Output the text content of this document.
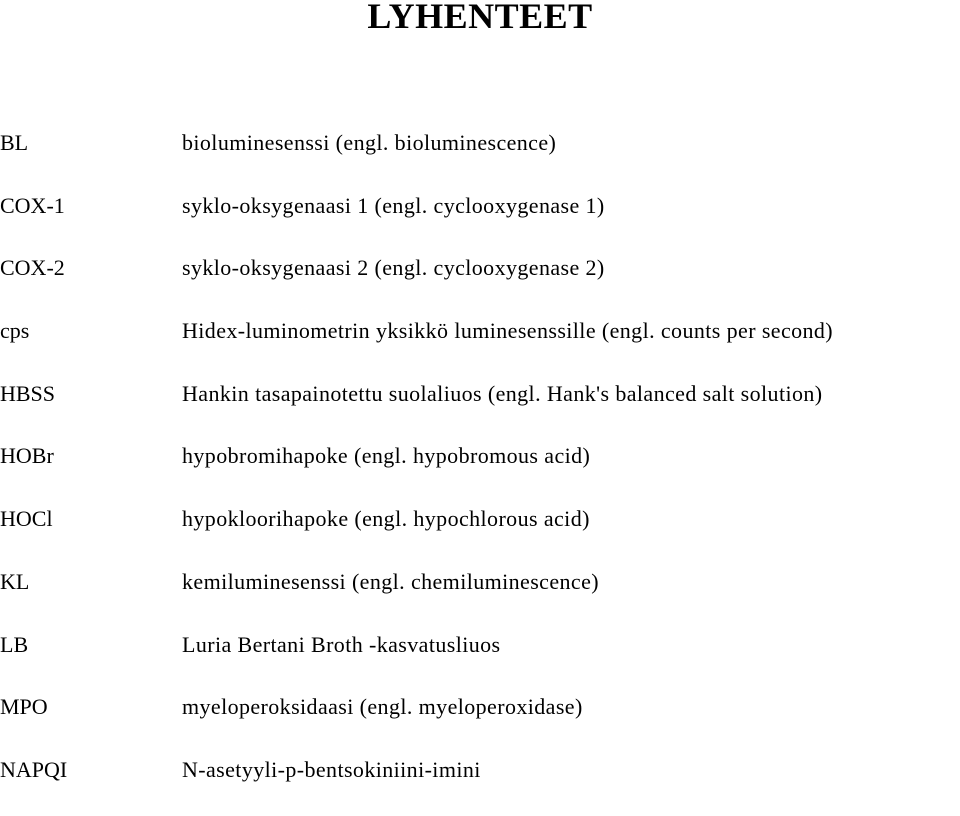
LYHENTEET
BL	bioluminesenssi (engl. bioluminescence)
COX-1	syklo-oksygenaasi 1 (engl. cyclooxygenase 1)
COX-2	syklo-oksygenaasi 2 (engl. cyclooxygenase 2)
cps	Hidex-luminometrin yksikkö luminesenssille (engl. counts per second)
HBSS	Hankin tasapainotettu suolaliuos (engl. Hank's balanced salt solution)
HOBr	hypobromihapoke (engl. hypobromous acid)
HOCl	hypokloorihapoke (engl. hypochlorous acid)
KL	kemiluminesenssi (engl. chemiluminescence)
LB	Luria Bertani Broth -kasvatusliuos
MPO	myeloperoksidaasi (engl. myeloperoxidase)
NAPQI	N-asetyyli-p-bentsokiniini-imini
